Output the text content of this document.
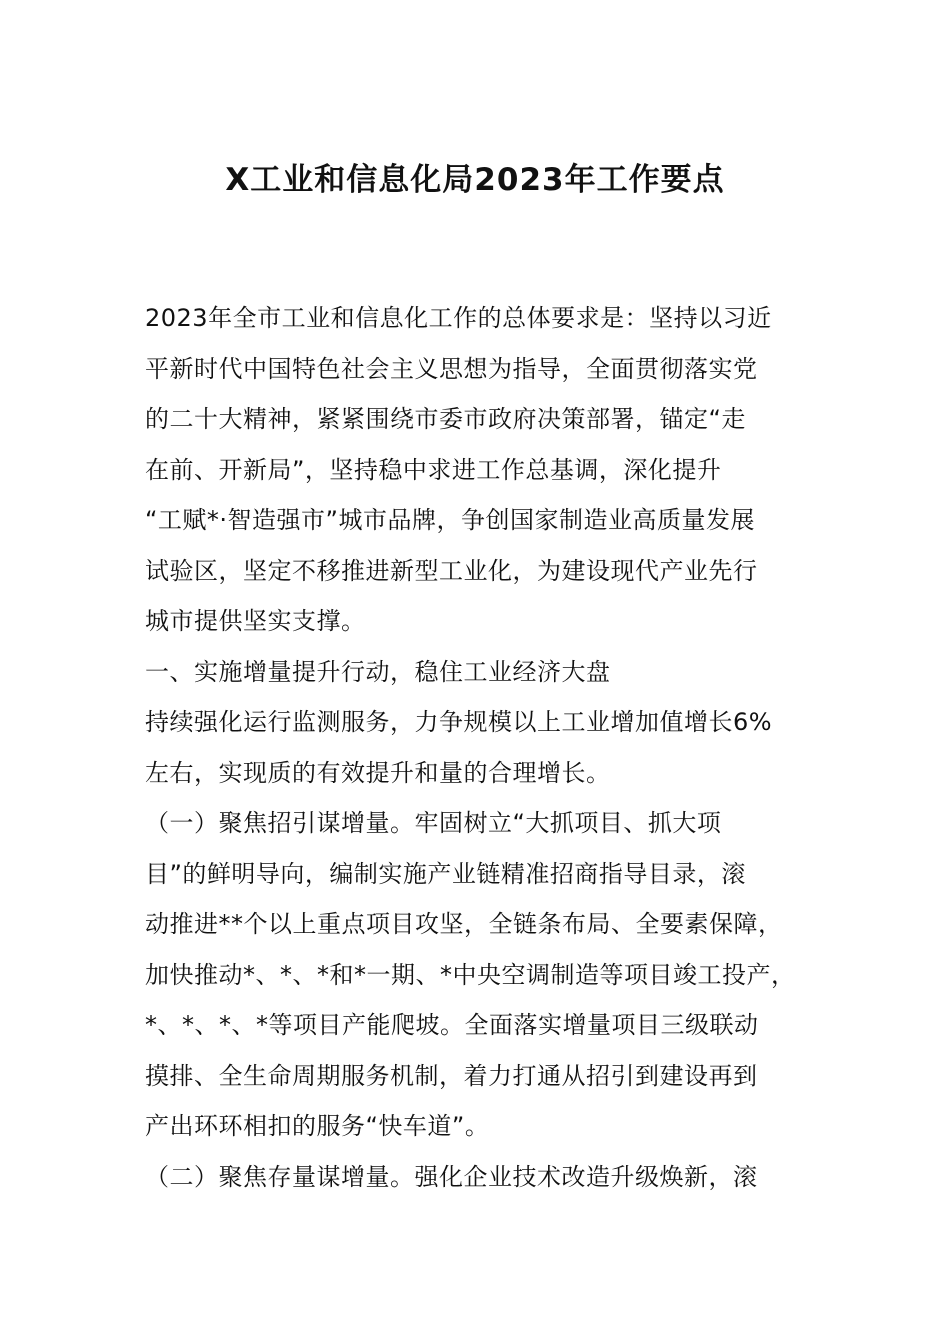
X工业和信息化局2023年工作要点
2023年全市工业和信息化工作的总体要求是：坚持以习近
平新时代中国特色社会主义思想为指导，全面贯彻落实党
的二十大精神，紧紧围绕市委市政府决策部署，锚定“走
在前、开新局”，坚持稳中求进工作总基调，深化提升
“工赋*·智造强市”城市品牌，争创国家制造业高质量发展
试验区，坚定不移推进新型工业化，为建设现代产业先行
城市提供坚实支撑。
一、实施增量提升行动，稳住工业经济大盘
持续强化运行监测服务，力争规模以上工业增加值增长6%
左右，实现质的有效提升和量的合理增长。
（一）聚焦招引谋增量。牢固树立“大抓项目、抓大项
目”的鲜明导向，编制实施产业链精准招商指导目录，滚
动推进**个以上重点项目攻坚，全链条布局、全要素保障，
加快推动*、*、*和*一期、*中央空调制造等项目竣工投产，
*、*、*、*等项目产能爬坡。全面落实增量项目三级联动
摸排、全生命周期服务机制，着力打通从招引到建设再到
产出环环相扣的服务“快车道”。
（二）聚焦存量谋增量。强化企业技术改造升级焕新，滚
